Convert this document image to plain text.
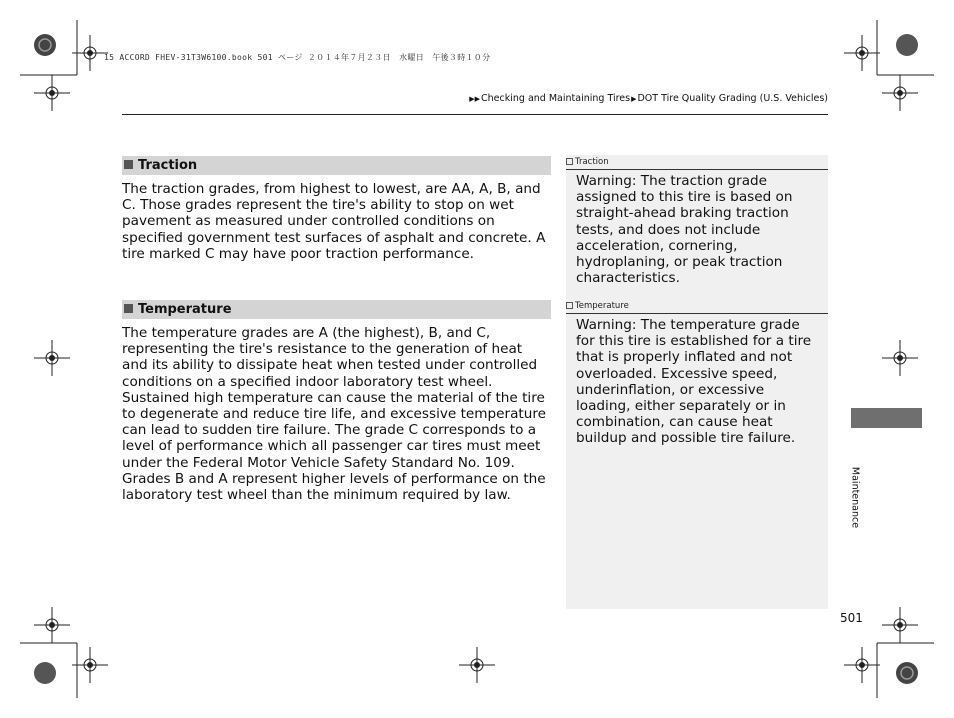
15 ACCORD FHEV-31T3W6100.book 501 ページ ２０１４年７月２３日　水曜日　午後３時１０分
▶▶Checking and Maintaining Tires▶DOT Tire Quality Grading (U.S. Vehicles)
Traction
The traction grades, from highest to lowest, are AA, A, B, and C. Those grades represent the tire's ability to stop on wet pavement as measured under controlled conditions on specified government test surfaces of asphalt and concrete. A tire marked C may have poor traction performance.
Temperature
The temperature grades are A (the highest), B, and C, representing the tire's resistance to the generation of heat and its ability to dissipate heat when tested under controlled conditions on a specified indoor laboratory test wheel. Sustained high temperature can cause the material of the tire to degenerate and reduce tire life, and excessive temperature can lead to sudden tire failure. The grade C corresponds to a level of performance which all passenger car tires must meet under the Federal Motor Vehicle Safety Standard No. 109. Grades B and A represent higher levels of performance on the laboratory test wheel than the minimum required by law.
Traction
Warning: The traction grade assigned to this tire is based on straight-ahead braking traction tests, and does not include acceleration, cornering, hydroplaning, or peak traction characteristics.
Temperature
Warning: The temperature grade for this tire is established for a tire that is properly inflated and not overloaded. Excessive speed, underinflation, or excessive loading, either separately or in combination, can cause heat buildup and possible tire failure.
Maintenance
501
